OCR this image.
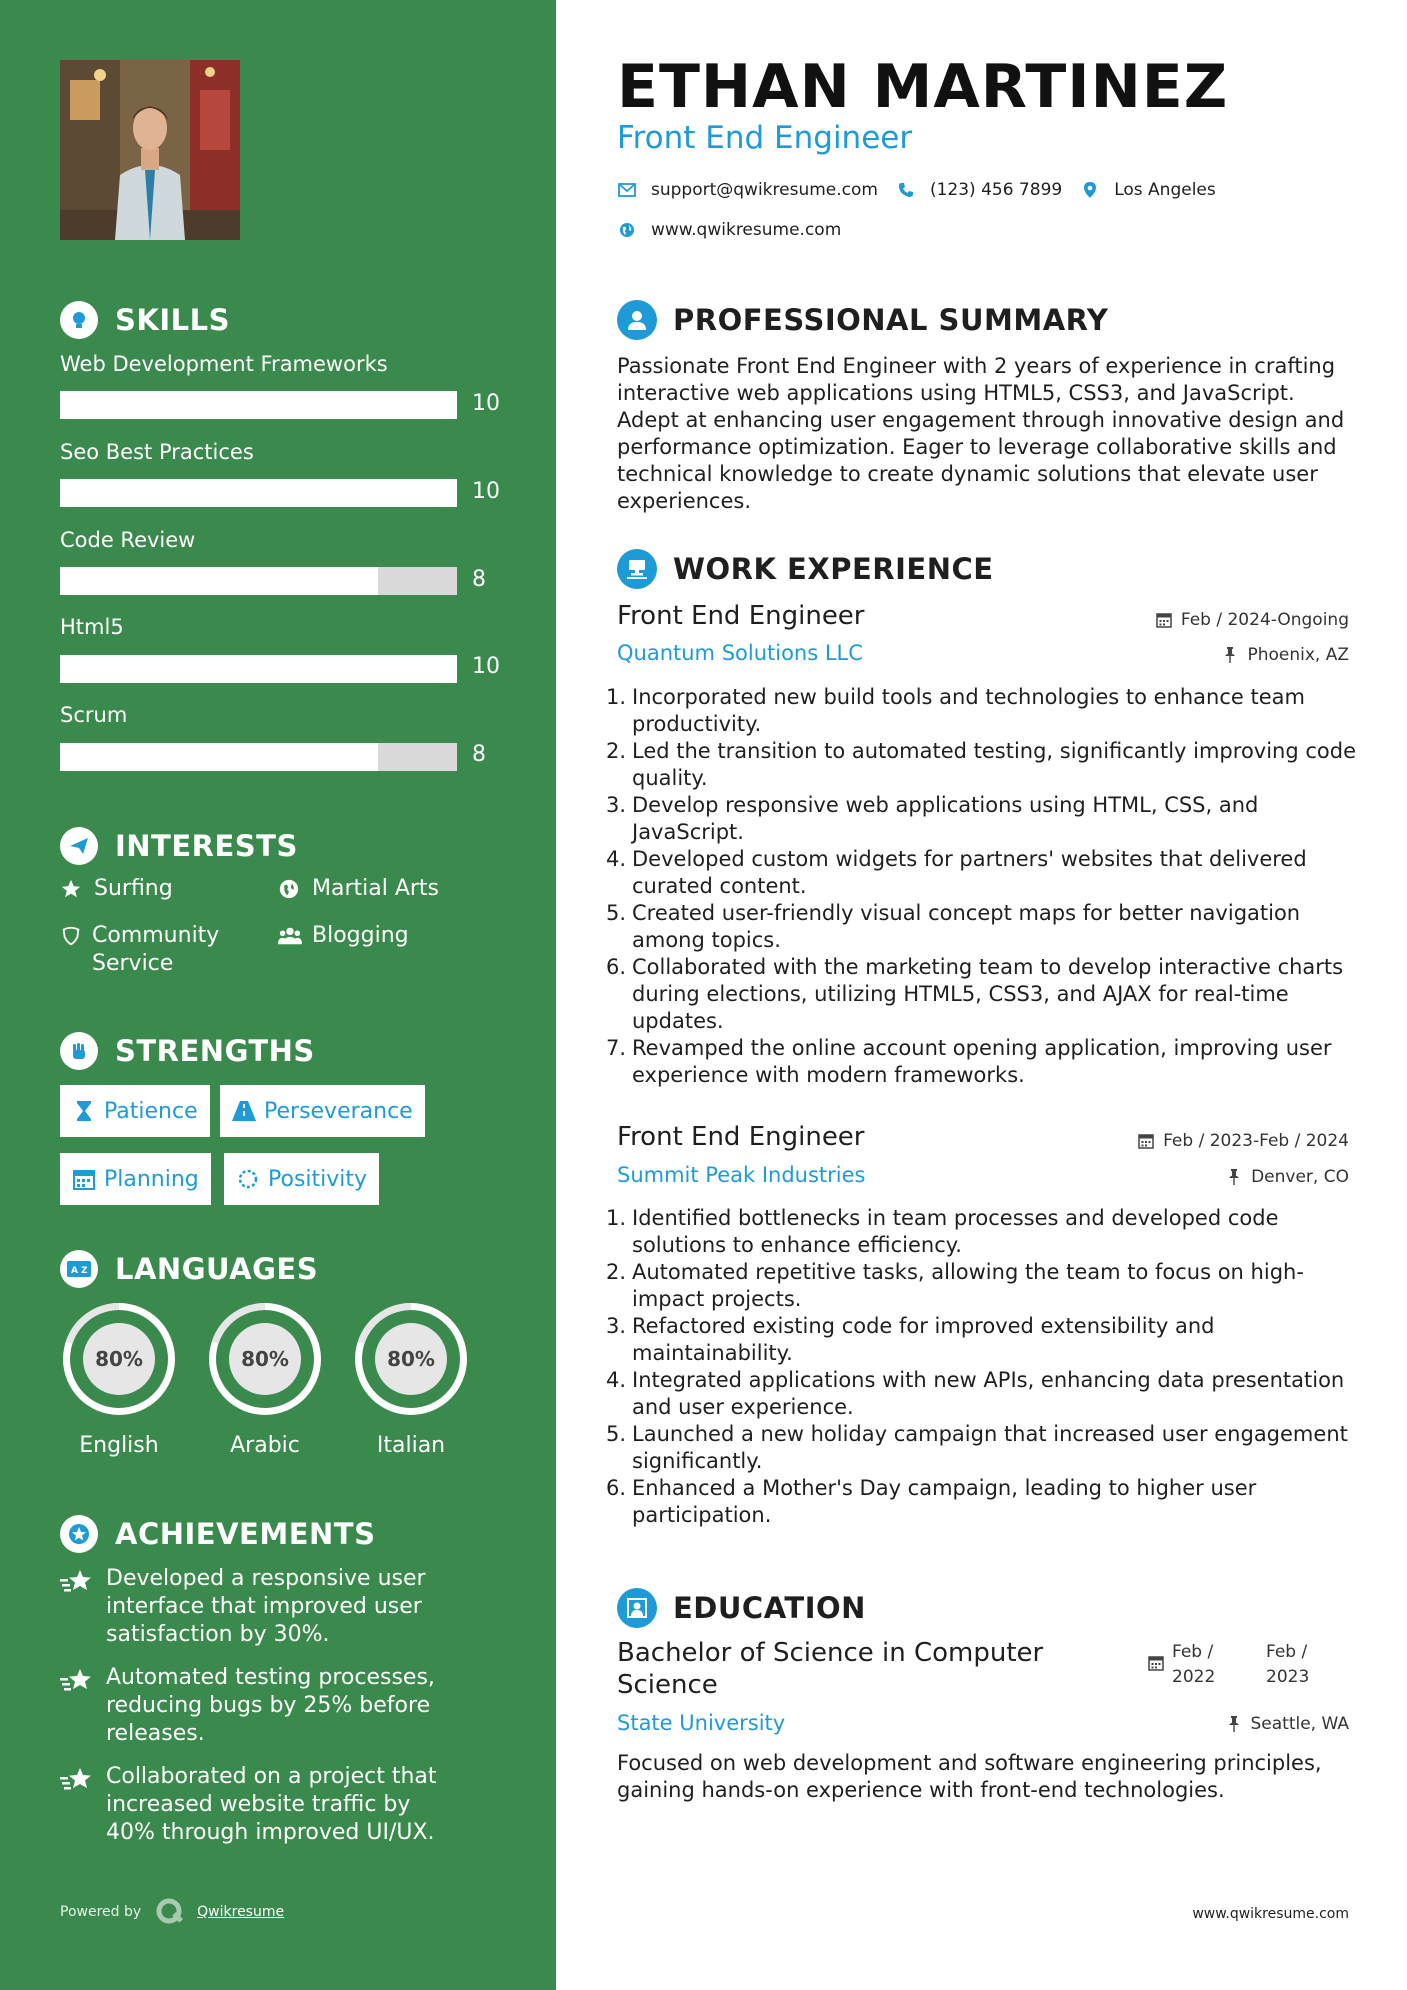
SKILLS
Web Development Frameworks
10
Seo Best Practices
10
Code Review
8
Html5
10
Scrum
8
INTERESTS
Surfing	Martial Arts
Community Service
Blogging
STRENGTHS
Patience	Perseverance
Planning	Positivity
A Z LANGUAGES
80%
English
80%
Arabic
80%
Italian
ACHIEVEMENTS
Developed a responsive user interface that improved user satisfaction by 30%.
Automated testing processes, reducing bugs by 25% before releases.
Collaborated on a project that increased website traffic by 40% through improved UI/UX.
Powered by	Qwikresume
ETHAN MARTINEZ
Front End Engineer
support@qwikresume.com	(123) 456 7899	Los Angeles
www.qwikresume.com
PROFESSIONAL SUMMARY
Passionate Front End Engineer with 2 years of experience in crafting interactive web applications using HTML5, CSS3, and JavaScript. Adept at enhancing user engagement through innovative design and performance optimization. Eager to leverage collaborative skills and technical knowledge to create dynamic solutions that elevate user experiences.
WORK EXPERIENCE
Front End Engineer	Feb / 2024-Ongoing
Quantum Solutions LLC	Phoenix, AZ
1. Incorporated new build tools and technologies to enhance team productivity.
2. Led the transition to automated testing, significantly improving code quality.
3. Develop responsive web applications using HTML, CSS, and JavaScript.
4. Developed custom widgets for partners' websites that delivered curated content.
5. Created user-friendly visual concept maps for better navigation among topics.
6. Collaborated with the marketing team to develop interactive charts during elections, utilizing HTML5, CSS3, and AJAX for real-time updates.
7. Revamped the online account opening application, improving user experience with modern frameworks.
Front End Engineer	Feb / 2023-Feb / 2024
Summit Peak Industries	Denver, CO
1. Identified bottlenecks in team processes and developed code solutions to enhance efficiency.
2. Automated repetitive tasks, allowing the team to focus on high-impact projects.
3. Refactored existing code for improved extensibility and maintainability.
4. Integrated applications with new APIs, enhancing data presentation and user experience.
5. Launched a new holiday campaign that increased user engagement significantly.
6. Enhanced a Mother's Day campaign, leading to higher user participation.
EDUCATION
Bachelor of Science in Computer Science
Feb /
2022
Feb /
2023
State University	Seattle, WA
Focused on web development and software engineering principles, gaining hands-on experience with front-end technologies.
www.qwikresume.com
